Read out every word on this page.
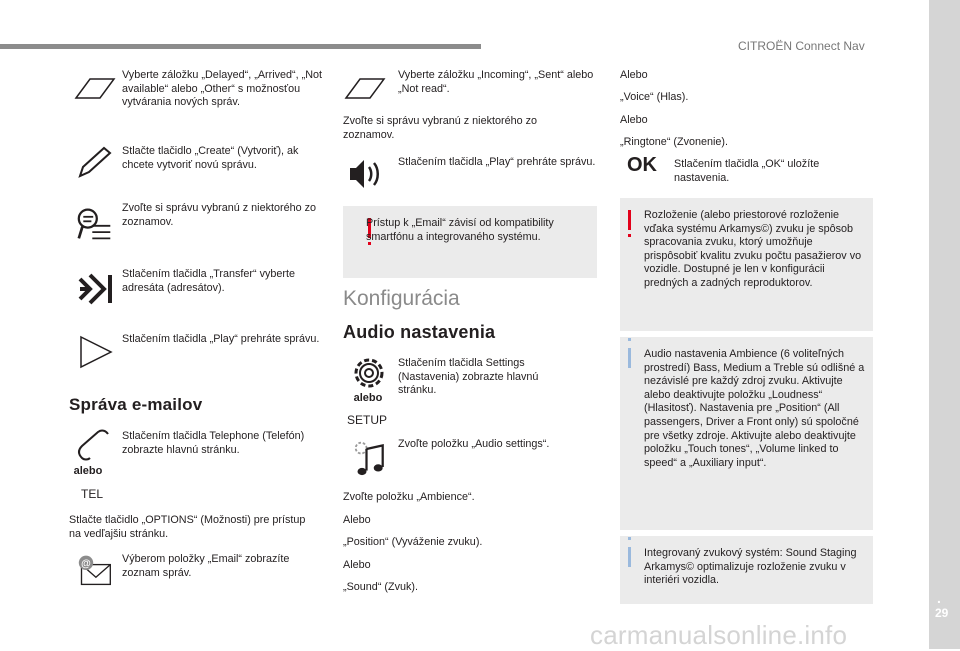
CITROËN Connect Nav
.
29
carmanualsonline.info
Vyberte záložku „Delayed“, „Arrived“, „Not available“ alebo „Other“ s možnosťou vytvárania nových správ.
Stlačte tlačidlo „Create“ (Vytvoriť), ak chcete vytvoriť novú správu.
Zvoľte si správu vybranú z niektorého zo zoznamov.
Stlačením tlačidla „Transfer“ vyberte adresáta (adresátov).
Stlačením tlačidla „Play“ prehráte správu.
Správa e-mailov
Stlačením tlačidla Telephone (Telefón) zobrazte hlavnú stránku.
alebo
TEL
Stlačte tlačidlo „OPTIONS“ (Možnosti) pre prístup na vedľajšiu stránku.
@	Výberom položky „Email“ zobrazíte zoznam správ.
Vyberte záložku „Incoming“, „Sent“ alebo „Not read“.
Zvoľte si správu vybranú z niektorého zo zoznamov.
Stlačením tlačidla „Play“ prehráte správu.
Prístup k „Email“ závisí od kompatibility smartfónu a integrovaného systému.
Konfigurácia
Audio nastavenia
Stlačením tlačidla Settings (Nastavenia) zobrazte hlavnú stránku.
alebo
SETUP
Zvoľte položku „Audio settings“.
Zvoľte položku „Ambience“.
Alebo
„Position“ (Vyváženie zvuku).
Alebo
„Sound“ (Zvuk).
Alebo
„Voice“ (Hlas).
Alebo
„Ringtone“ (Zvonenie).
OK	Stlačením tlačidla „OK“ uložíte nastavenia.
Rozloženie (alebo priestorové rozloženie vďaka systému Arkamys©) zvuku je spôsob spracovania zvuku, ktorý umožňuje prispôsobiť kvalitu zvuku počtu pasažierov vo vozidle. Dostupné je len v konfigurácii predných a zadných reproduktorov.
Audio nastavenia Ambience (6 voliteľných prostredí) Bass, Medium a Treble sú odlišné a nezávislé pre každý zdroj zvuku. Aktivujte alebo deaktivujte položku „Loudness“ (Hlasitosť). Nastavenia pre „Position“ (All passengers, Driver a Front only) sú spoločné pre všetky zdroje. Aktivujte alebo deaktivujte položku „Touch tones“, „Volume linked to speed“ a „Auxiliary input“.
Integrovaný zvukový systém: Sound Staging Arkamys© optimalizuje rozloženie zvuku v interiéri vozidla.
